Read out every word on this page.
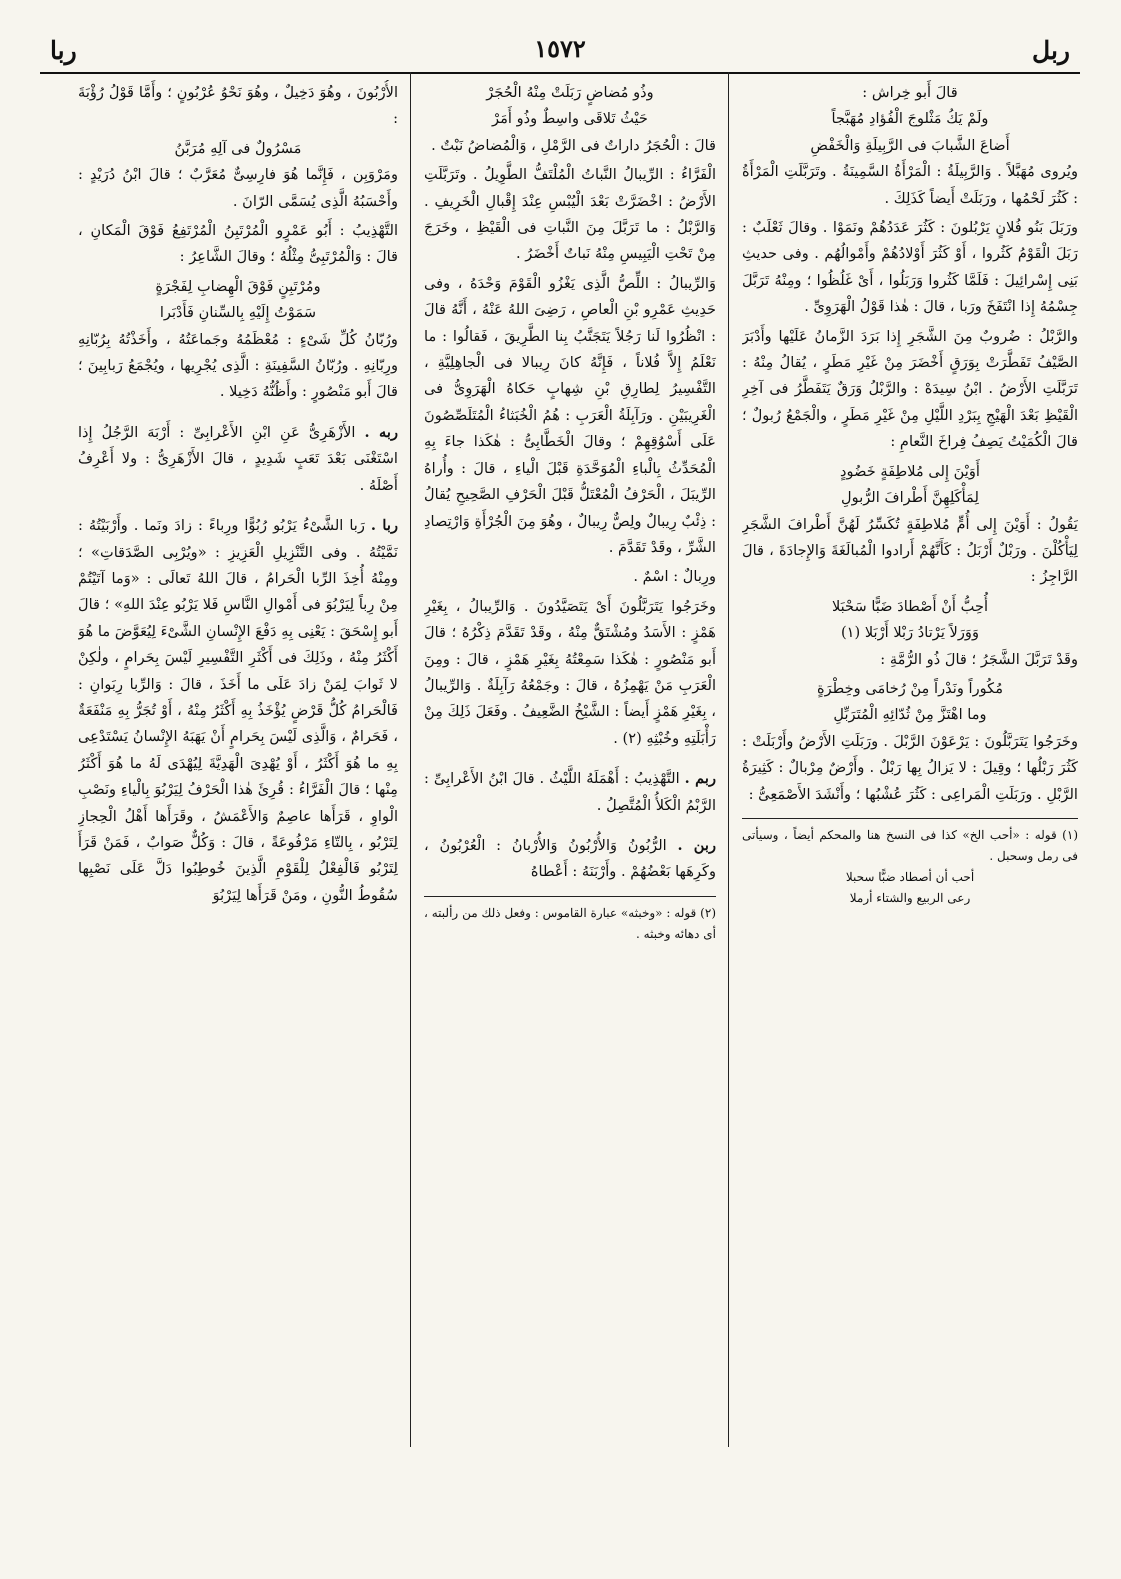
ربل
١٥٧٢
ربا

قالَ أَبو خِراش :

ولَمْ يَكُ مَثْلوجَ الْفُؤادِ مُهَبَّجاً

أَضاعَ الشَّبابَ فى الرَّبِيلَةِ وَالْخَفْضِ

ويُروى مُهَبَّلاً . وَالرَّبِيلَةُ : الْمَرْأَةُ السَّمِينَةُ . وتَرَبَّلَتِ الْمَرْأَةُ : كَثُرَ لَحْمُها ، ورَبَلَتْ أَيضاً كَذَلِكَ .

ورَبَلَ بَنُو فُلانٍ يَرْبُلونَ : كَثُرَ عَدَدُهُمْ ونَمَوْا . وقالَ ثَعْلَبٌ : رَبَلَ الْقَوْمُ كَثُروا ، أَوْ كَثُرَ أَوْلادُهُمْ وأَمْوالُهُم . وفى حديثِ بَنِى إِسْرائِيلَ : فَلَمَّا كَثُروا وَرَبَلُوا ، أَىْ غَلُظُوا ؛ ومِنْهُ تَرَبَّلَ جِسْمُهُ إِذا انْتَفَخَ ورَبا ، قالَ : هٰذا قَوْلُ الْهَرَوِىِّ .

والرَّبْلُ : ضُروبٌ مِنَ الشَّجَرِ إِذا بَرَدَ الزَّمانُ عَلَيْها وأَدْبَرَ الصَّيْفُ تَفَطَّرَتْ بِوَرَقٍ أَخْضَرَ مِنْ غَيْرِ مَطَرٍ ، يُقالُ مِنْهُ : تَرَبَّلَتِ الأَرْضُ . ابْنُ سِيدَهْ : والرَّبْلُ وَرَقٌ يَتَفَطَّرُ فى آخِرِ الْقَيْظِ بَعْدَ الْهَيْجِ بِبَرْدِ اللَّيْلِ مِنْ غَيْرِ مَطَرٍ ، والْجَمْعُ رُبولٌ ؛ قالَ الْكُمَيْتُ يَصِفُ فِراخَ النَّعامِ :

أَوَيْنَ إِلى مُلاطِفَةٍ خَضُودٍ

لِمَأْكَلِهِنَّ أَطْرافَ الرُّبولِ

يَقُولُ : أَوَيْنَ إِلى أُمٍّ مُلاطِفَةٍ تُكَسِّرُ لَهُنَّ أَطْرافَ الشَّجَرِ لِيَأْكُلْنَ . ورَبْلٌ أَرْبَلُ : كَأَنَّهُمْ أَرادوا الْمُبالَغَةَ وَالإِجادَةَ ، قالَ الرَّاجِزُ :

أُحِبُّ أَنْ أَصْطادَ ضَبًّا سَحْبَلا

وَوَرَلاً يَرْتادُ رَبْلا أَرْبَلا (١)

وقَدْ تَرَبَّلَ الشَّجَرُ ؛ قالَ ذُو الرُّمَّةِ :

مُكُوراً ونَدْراً مِنْ رُخامَى وخِطْرَةٍ

وما اهْتَزَّ مِنْ ثُدّائِهِ الْمُتَرَبِّلِ

وخَرَجُوا يَتَرَبَّلُونَ : يَرْعَوْنَ الرَّبْلَ . ورَبَلَتِ الأَرْضُ وأَرْبَلَتْ : كَثُرَ رَبْلُها ؛ وقِيلَ : لا يَزالُ بِها رَبْلٌ . وأَرْضٌ مِرْبالٌ : كَثِيرَةُ الرَّبْلِ . ورَبَلَتِ الْمَراعِى : كَثُرَ عُشْبُها ؛ وأَنْشَدَ الأَصْمَعِىُّ :

(١) قوله : «أحب الخ» كذا فى النسخ هنا والمحكم أيضاً ، وسيأتى فى رمل وسحبل .

أحب أن أصطاد ضبًّا سحبلا

رعى الربيع والشتاء أرملا

وذُو مُضاضٍ رَبَلَتْ مِنْهُ الْحُجَرْ

حَيْثُ تَلاقَى واسِطٌ وذُو أَمَرْ

قالَ : الْحُجَرُ داراتٌ فى الرَّمْلِ ، وَالْمُضاضُ نَبْتٌ .

الْفَرَّاءُ : الرِّيبالُ النَّباتُ الْمُلْتَفُّ الطَّوِيلُ . وتَرَبَّلَتِ الأَرْضُ : اخْضَرَّتْ بَعْدَ الْيُبْسِ عِنْدَ إِقْبالِ الْخَرِيفِ . وَالرَّبْلُ : ما تَرَبَّلَ مِنَ النَّباتِ فى الْقَيْظِ ، وخَرَجَ مِنْ تَحْتِ الْيَبِيسِ مِنْهُ نَباتٌ أَخْضَرُ .

وَالرِّيبالُ : اللِّصُّ الَّذِى يَغْزُو الْقَوْمَ وَحْدَهُ ، وفى حَدِيثِ عَمْرِو بْنِ الْعاصِ ، رَضِىَ اللهُ عَنْهُ ، أَنَّهُ قالَ : انْظُرُوا لَنا رَجُلاً يَتَجَنَّبُ بِنا الطَّرِيقَ ، فَقالُوا : ما نَعْلَمُ إِلاَّ فُلاناً ، فَإِنَّهُ كانَ رِيبالا فى الْجاهِلِيَّةِ ، التَّفْسِيرُ لِطارِقِ بْنِ شِهابٍ حَكاهُ الْهَرَوِىُّ فى الْغَرِيبَيْنِ . ورَآبِلَةُ الْعَرَبِ : هُمُ الْخُبَثاءُ الْمُتَلَصِّصُونَ عَلَى أَسْوُقِهِمْ ؛ وقالَ الْخَطَّابِىُّ : هٰكَذا جاءَ بِهِ الْمُحَدِّثُ بِالْباءِ الْمُوَحَّدَةِ قَبْلَ الْياءِ ، قالَ : وأُراهُ الرِّيبَلَ ، الْحَرْفُ الْمُعْتَلُّ قَبْلَ الْحَرْفِ الصَّحِيحِ يُقالُ : ذِئْبٌ رِيبالٌ ولِصٌّ رِيبالٌ ، وهُوَ مِنَ الْجُرْأَةِ وَارْتِصادِ الشَّرِّ ، وقَدْ تَقَدَّمَ .

ورِبالٌ : اسْمٌ .

وخَرَجُوا يَتَرَبَّلُونَ أَىْ يَتَصَيَّدُونَ . وَالرِّيبالُ ، بِغَيْرِ هَمْزٍ : الأَسَدُ ومُشْتَقٌّ مِنْهُ ، وقَدْ تَقَدَّمَ ذِكْرُهُ ؛ قالَ أَبو مَنْصُورٍ : هٰكَذا سَمِعْتُهُ بِغَيْرِ هَمْزٍ ، قالَ : ومِنَ الْعَرَبِ مَنْ يَهْمِزُهُ ، قالَ : وجَمْعُهُ رَآبِلَةٌ . وَالرِّيبالُ ، بِغَيْرِ هَمْزٍ أَيضاً : الشَّيْخُ الضَّعِيفُ . وفَعَلَ ذَلِكَ مِنْ رَأْبَلَتِهِ وخُبْثِهِ (٢) .

ربم . التَّهْذِيبُ : أَهْمَلَهُ اللَّيْثُ . قالَ ابْنُ الأَعْرابِىِّ : الرَّبْمُ الْكَلأُ الْمُتَّصِلُ .

ربن . الرُّبُونُ وَالأُرْبُونُ وَالأُرْبانُ : الْعُرْبُونُ ، وكَرِهَها بَعْضُهُمْ . وأَرْبَنَهُ : أَعْطاهُ

(٢) قوله : «وخبثه» عبارة القاموس : وفعل ذلك من رألبته ، أى دهائه وخبثه .

الأُرْبُونَ ، وهُوَ دَخِيلٌ ، وهُوَ نَحْوُ عُرْبُونٍ ؛ وأَمَّا قَوْلُ رُؤْبَةَ :

مَسْرُولٌ فى آلِهِ مُرَبَّنُ

ومَرْوَبِن ، فَإِنَّما هُوَ فارِسِىٌّ مُعَرَّبٌ ؛ قالَ ابْنُ دُرَيْدٍ : وأَحْسَبُهُ الَّذِى يُسَمَّى الرّانَ .

التَّهْذِيبُ : أَبُو عَمْرٍو الْمُرْتَبِنُ الْمُرْتَفِعُ فَوْقَ الْمَكانِ ، قالَ : وَالْمُرْتَبِىُّ مِثْلُهُ ؛ وقالَ الشَّاعِرُ :

ومُرْتَبِنٍ فَوْقَ الْهِضابِ لِفَجْرَةٍ

سَمَوْتُ إِلَيْهِ بِالسِّنانِ فَأَدْبَرا

ورُبّانُ كُلِّ شَىْءٍ : مُعْظَمُهُ وجَماعَتُهُ ، وأَخَذْتُهُ بِرُبّانِهِ ورِبّانِهِ . ورُبّانُ السَّفِينَةِ : الَّذِى يُجْرِيها ، ويُجْمَعُ رَبابِينَ ؛ قالَ أَبو مَنْصُورٍ : وأَظُنُّهُ دَخِيلا .

ربه . الأَزْهَرِىُّ عَنِ ابْنِ الأَعْرابِىِّ : أَرْبَهَ الرَّجُلُ إِذا اسْتَغْنَى بَعْدَ تَعَبٍ شَدِيدٍ ، قالَ الأَزْهَرِىُّ : ولا أَعْرِفُ أَصْلَهُ .

ربا . رَبا الشَّىْءُ يَرْبُو رُبُوًّا ورِباءً : زادَ ونَما . وأَرْبَيْتُهُ : نَمَّيْتُهُ . وفى التَّنْزِيلِ الْعَزِيزِ : «ويُرْبِى الصَّدَقاتِ» ؛ ومِنْهُ أُخِذَ الرِّبا الْحَرامُ ، قالَ اللهُ تَعالَى : «وَما آتَيْتُمْ مِنْ رِباً لِيَرْبُوَ فى أَمْوالِ النَّاسِ فَلا يَرْبُو عِنْدَ اللهِ» ؛ قالَ أَبو إِسْحَقَ : يَعْنِى بِهِ دَفْعَ الإِنْسانِ الشَّىْءَ لِيُعَوَّضَ ما هُوَ أَكْثَرُ مِنْهُ ، وذَلِكَ فى أَكْثَرِ التَّفْسِيرِ لَيْسَ بِحَرامٍ ، ولٰكِنْ لا ثَوابَ لِمَنْ زادَ عَلَى ما أَخَذَ ، قالَ : وَالرِّبا رِبَوانِ : فَالْحَرامُ كُلُّ قَرْضٍ يُؤْخَذُ بِهِ أَكْثَرُ مِنْهُ ، أَوْ تُجَرُّ بِهِ مَنْفَعَةٌ ، فَحَرامٌ ، وَالَّذِى لَيْسَ بِحَرامٍ أَنْ يَهَبَهُ الإِنْسانُ يَسْتَدْعِى بِهِ ما هُوَ أَكْثَرُ ، أَوْ يُهْدِىَ الْهَدِيَّةَ لِيُهْدَى لَهُ ما هُوَ أَكْثَرُ مِنْها ؛ قالَ الْفَرَّاءُ : قُرِئَ هٰذا الْحَرْفُ لِيَرْبُوَ بِالْياءِ ونَصْبِ الْواوِ ، قَرَأَها عاصِمٌ وَالأَعْمَشُ ، وقَرَأَها أَهْلُ الْحِجازِ لِتَرْبُو ، بِالتّاءِ مَرْفُوعَةً ، قالَ : وَكُلٌّ صَوابٌ ، فَمَنْ قَرَأَ لِتَرْبُو فَالْفِعْلُ لِلْقَوْمِ الَّذِينَ خُوطِبُوا دَلَّ عَلَى نَصْبِها سُقُوطُ النُّونِ ، ومَنْ قَرَأَها لِيَرْبُوَ
